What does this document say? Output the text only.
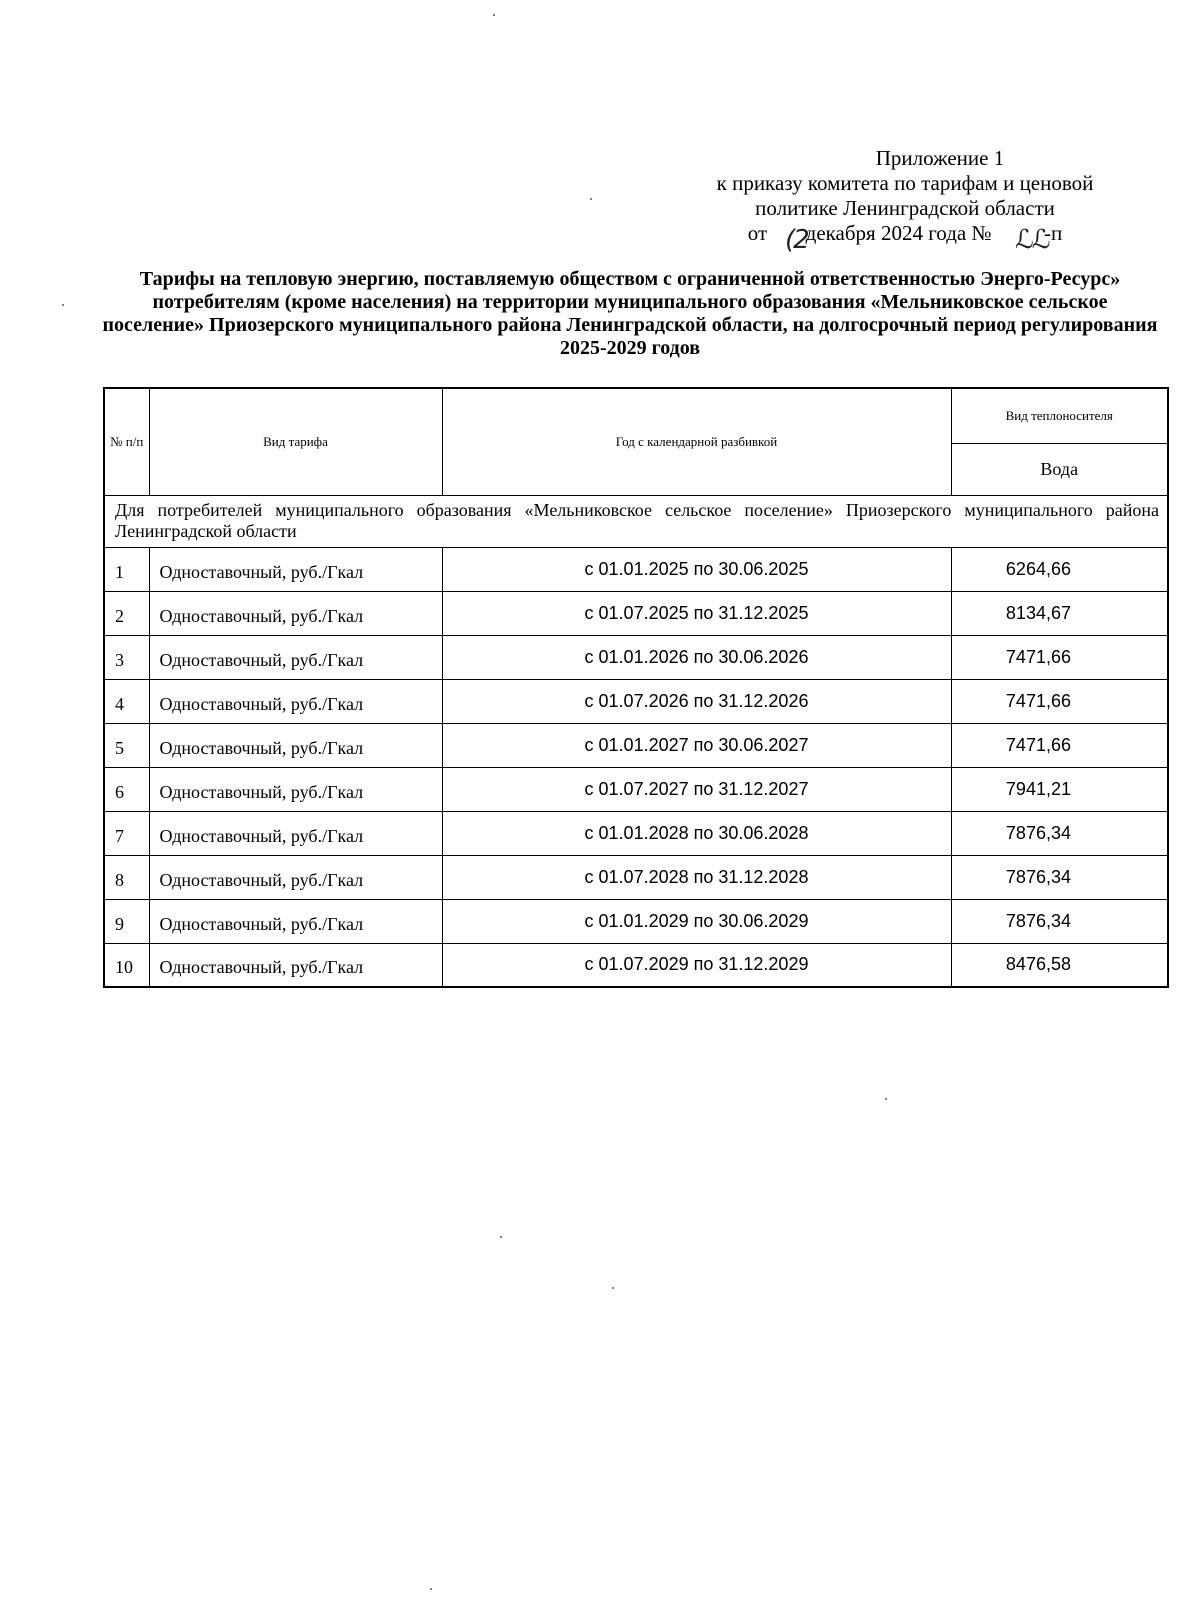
Приложение 1
к приказу комитета по тарифам и ценовой
политике Ленинградской области
от декабря 2024 года №	-п
(2	ℒℒ
Тарифы на тепловую энергию, поставляемую обществом с ограниченной ответственностью Энерго-Ресурс» потребителям (кроме населения) на территории муниципального образования «Мельниковское сельское поселение» Приозерского муниципального района Ленинградской области, на долгосрочный период регулирования 2025-2029 годов
№ п/п	Вид тарифа	Год с календарной разбивкой	Вид теплоносителя
			Вода
Для потребителей муниципального образования «Мельниковское сельское поселение» Приозерского муниципального района Ленинградской области			
1	Одноставочный, руб./Гкал	с 01.01.2025 по 30.06.2025	6264,66
2	Одноставочный, руб./Гкал	с 01.07.2025 по 31.12.2025	8134,67
3	Одноставочный, руб./Гкал	с 01.01.2026 по 30.06.2026	7471,66
4	Одноставочный, руб./Гкал	с 01.07.2026 по 31.12.2026	7471,66
5	Одноставочный, руб./Гкал	с 01.01.2027 по 30.06.2027	7471,66
6	Одноставочный, руб./Гкал	с 01.07.2027 по 31.12.2027	7941,21
7	Одноставочный, руб./Гкал	с 01.01.2028 по 30.06.2028	7876,34
8	Одноставочный, руб./Гкал	с 01.07.2028 по 31.12.2028	7876,34
9	Одноставочный, руб./Гкал	с 01.01.2029 по 30.06.2029	7876,34
10	Одноставочный, руб./Гкал	с 01.07.2029 по 31.12.2029	8476,58
